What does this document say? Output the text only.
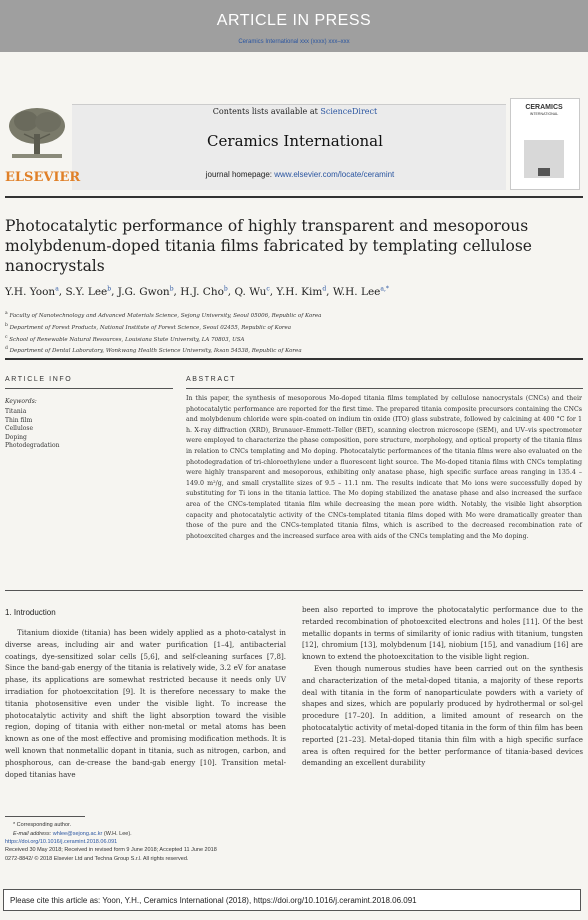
ARTICLE IN PRESS
Ceramics International xxx (xxxx) xxx–xxx
ELSEVIER
Contents lists available at ScienceDirect
Ceramics International
journal homepage: www.elsevier.com/locate/ceramint
CERAMICS
INTERNATIONAL
Photocatalytic performance of highly transparent and mesoporous molybdenum-doped titania films fabricated by templating cellulose nanocrystals
Y.H. Yoon$^a$, S.Y. Lee$^b$, J.G. Gwon$^b$, H.J. Cho$^b$, Q. Wu$^c$, Y.H. Kim$^d$, W.H. Lee$^{a,*}$
$^a$ Faculty of Nanotechnology and Advanced Materials Science, Sejong University, Seoul 05006, Republic of Korea
$^b$ Department of Forest Products, National Institute of Forest Science, Seoul 02455, Republic of Korea
$^c$ School of Renewable Natural Resources, Louisiana State University, LA 70803, USA
$^d$ Department of Dental Laboratory, Wonkwang Health Science University, Iksan 54538, Republic of Korea
ARTICLE INFO	ABSTRACT
Keywords:
Titania
Thin film
Cellulose
Doping
Photodegradation
In this paper, the synthesis of mesoporous Mo-doped titania films templated by cellulose nanocrystals (CNCs) and their photocatalytic performance are reported for the first time. The prepared titania composite precursors containing the CNCs and molybdenum chloride were spin-coated on indium tin oxide (ITO) glass substrate, followed by calcining at 400 °C for 1 h. X-ray diffraction (XRD), Brunauer–Emmett–Teller (BET), scanning electron microscope (SEM), and UV–vis spectrometer were employed to characterize the phase composition, pore structure, morphology, and optical property of the titania films in relation to CNCs templating and Mo doping. Photocatalytic performances of the titania films were also evaluated on the photodegradation of tri-chloroethylene under a fluorescent light source. The Mo-doped titania films with CNCs templating were highly transparent and mesoporous, exhibiting only anatase phase, high specific surface areas ranging in 135.4 – 149.0 m²/g, and small crystallite sizes of 9.5 – 11.1 nm. The results indicate that Mo ions were successfully doped by substituting for Ti ions in the titania lattice. The Mo doping stabilized the anatase phase and also increased the surface area of the CNCs-templated titania film while decreasing the mean pore width. Notably, the visible light absorption capacity and photocatalytic activity of the CNCs-templated titania films doped with Mo were dramatically greater than those of the pure and the CNCs-templated titania films, which is ascribed to the decreased recombination rate of photoexcited charges and the increased surface area with aids of the CNCs templating and the Mo doping.
1. Introduction

Titanium dioxide (titania) has been widely applied as a photo-catalyst in diverse areas, including air and water purification [1–4], antibacterial coatings, dye-sensitized solar cells [5,6], and self-cleaning surfaces [7,8]. Since the band-gab energy of the titania is relatively wide, 3.2 eV for anatase phase, its applications are somewhat restricted because it needs only UV irradiation for photoexcitation [9]. It is therefore necessary to make the titania photosensitive even under the visible light. To increase the photocatalytic activity and shift the light absorption toward the visible region, doping of titania with either non-metal or metal atoms has been known as one of the most effective and promising modification methods. It is well known that nonmetallic dopant in titania, such as nitrogen, carbon, and phosphorous, can de-crease the band-gab energy [10]. Transition metal-doped titanias have

been also reported to improve the photocatalytic performance due to the retarded recombination of photoexcited electrons and holes [11]. Of the best metallic dopants in terms of similarity of ionic radius with titanium, tungsten [12], chromium [13], molybdenum [14], niobium [15], and vanadium [16] are known to extend the photoexcitation to the visible light region.

Even though numerous studies have been carried out on the synthesis and characterization of the metal-doped titania, a majority of these reports deal with titania in the form of nanoparticulate powders with a variety of shapes and sizes, which are popularly produced by hydrothermal or sol-gel procedure [17–20]. In addition, a limited amount of research on the photocatalytic activity of metal-doped titania in the form of thin film has been reported [21–23]. Metal-doped titania thin film with a high specific surface area is often required for the better performance of titania-based devices demanding an excellent durability

* Corresponding author.
E-mail address: whlee@sejong.ac.kr (W.H. Lee).
https://doi.org/10.1016/j.ceramint.2018.06.091
Received 30 May 2018; Received in revised form 9 June 2018; Accepted 11 June 2018
0272-8842/ © 2018 Elsevier Ltd and Techna Group S.r.l. All rights reserved.
Please cite this article as: Yoon, Y.H., Ceramics International (2018), https://doi.org/10.1016/j.ceramint.2018.06.091
